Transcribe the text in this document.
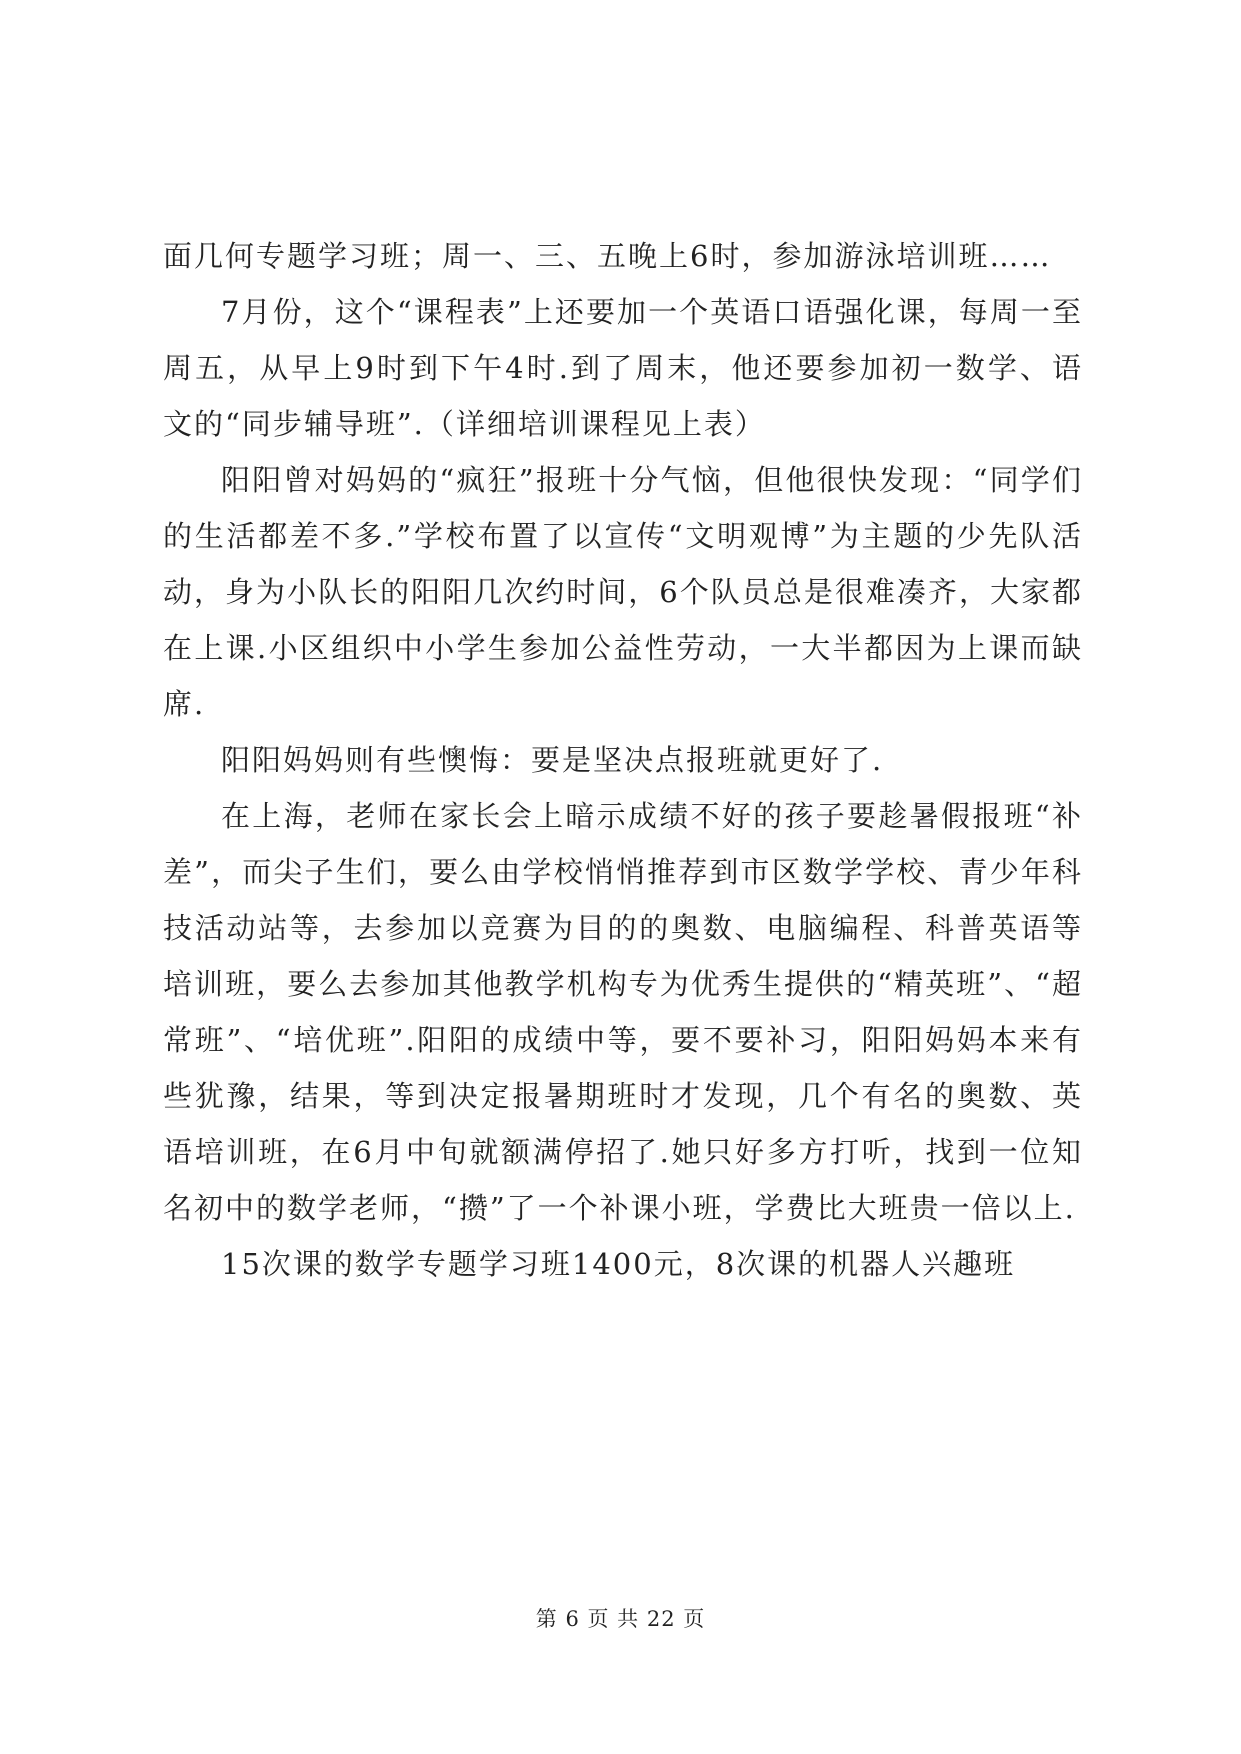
面几何专题学习班；周一、三、五晚上6时，参加游泳培训班……

7月份，这个“课程表”上还要加一个英语口语强化课，每周一至周五，从早上9时到下午4时.到了周末，他还要参加初一数学、语文的“同步辅导班”.（详细培训课程见上表）

阳阳曾对妈妈的“疯狂”报班十分气恼，但他很快发现：“同学们的生活都差不多.”学校布置了以宣传“文明观博”为主题的少先队活动，身为小队长的阳阳几次约时间，6个队员总是很难凑齐，大家都在上课.小区组织中小学生参加公益性劳动，一大半都因为上课而缺席.

阳阳妈妈则有些懊悔：要是坚决点报班就更好了.

在上海，老师在家长会上暗示成绩不好的孩子要趁暑假报班“补差”，而尖子生们，要么由学校悄悄推荐到市区数学学校、青少年科技活动站等，去参加以竞赛为目的的奥数、电脑编程、科普英语等培训班，要么去参加其他教学机构专为优秀生提供的“精英班”、“超常班”、“培优班”.阳阳的成绩中等，要不要补习，阳阳妈妈本来有些犹豫，结果，等到决定报暑期班时才发现，几个有名的奥数、英语培训班，在6月中旬就额满停招了.她只好多方打听，找到一位知名初中的数学老师，“攒”了一个补课小班，学费比大班贵一倍以上.

15次课的数学专题学习班1400元，8次课的机器人兴趣班

第 6 页 共 22 页
